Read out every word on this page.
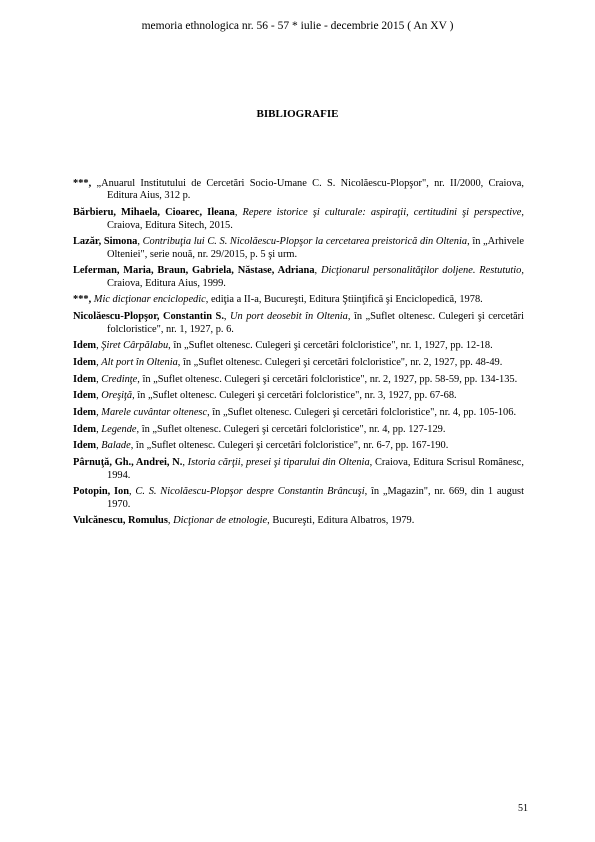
memoria ethnologica nr. 56 - 57 * iulie - decembrie 2015 ( An XV )
BIBLIOGRAFIE
***, „Anuarul Institutului de Cercetări Socio-Umane C. S. Nicolăescu-Plopşor", nr. II/2000, Craiova, Editura Aius, 312 p.
Bărbieru, Mihaela, Cioarec, Ileana, Repere istorice şi culturale: aspiraţii, certitudini şi perspective, Craiova, Editura Sitech, 2015.
Lazăr, Simona, Contribuţia lui C. S. Nicolăescu-Plopşor la cercetarea preistorică din Oltenia, în „Arhivele Olteniei", serie nouă, nr. 29/2015, p. 5 şi urm.
Leferman, Maria, Braun, Gabriela, Năstase, Adriana, Dicţionarul personalităţilor doljene. Restututio, Craiova, Editura Aius, 1999.
***, Mic dicţionar enciclopedic, ediţia a II-a, Bucureşti, Editura Ştiinţifică şi Enciclopedică, 1978.
Nicolăescu-Plopşor, Constantin S., Un port deosebit în Oltenia, în „Suflet oltenesc. Culegeri şi cercetări folcloristice", nr. 1, 1927, p. 6.
Idem, Şiret Cârpălabu, în „Suflet oltenesc. Culegeri şi cercetări folcloristice", nr. 1, 1927, pp. 12-18.
Idem, Alt port în Oltenia, în „Suflet oltenesc. Culegeri şi cercetări folcloristice", nr. 2, 1927, pp. 48-49.
Idem, Credinţe, în „Suflet oltenesc. Culegeri şi cercetări folcloristice", nr. 2, 1927, pp. 58-59, pp. 134-135.
Idem, Oreşiţă, în „Suflet oltenesc. Culegeri şi cercetări folcloristice", nr. 3, 1927, pp. 67-68.
Idem, Marele cuvântar oltenesc, în „Suflet oltenesc. Culegeri şi cercetări folcloristice", nr. 4, pp. 105-106.
Idem, Legende, în „Suflet oltenesc. Culegeri şi cercetări folcloristice", nr. 4, pp. 127-129.
Idem, Balade, în „Suflet oltenesc. Culegeri şi cercetări folcloristice", nr. 6-7, pp. 167-190.
Pârnuţă, Gh., Andrei, N., Istoria cărţii, presei şi tiparului din Oltenia, Craiova, Editura Scrisul Românesc, 1994.
Potopin, Ion, C. S. Nicolăescu-Plopşor despre Constantin Brâncuşi, în „Magazin", nr. 669, din 1 august 1970.
Vulcănescu, Romulus, Dicţionar de etnologie, Bucureşti, Editura Albatros, 1979.
51
